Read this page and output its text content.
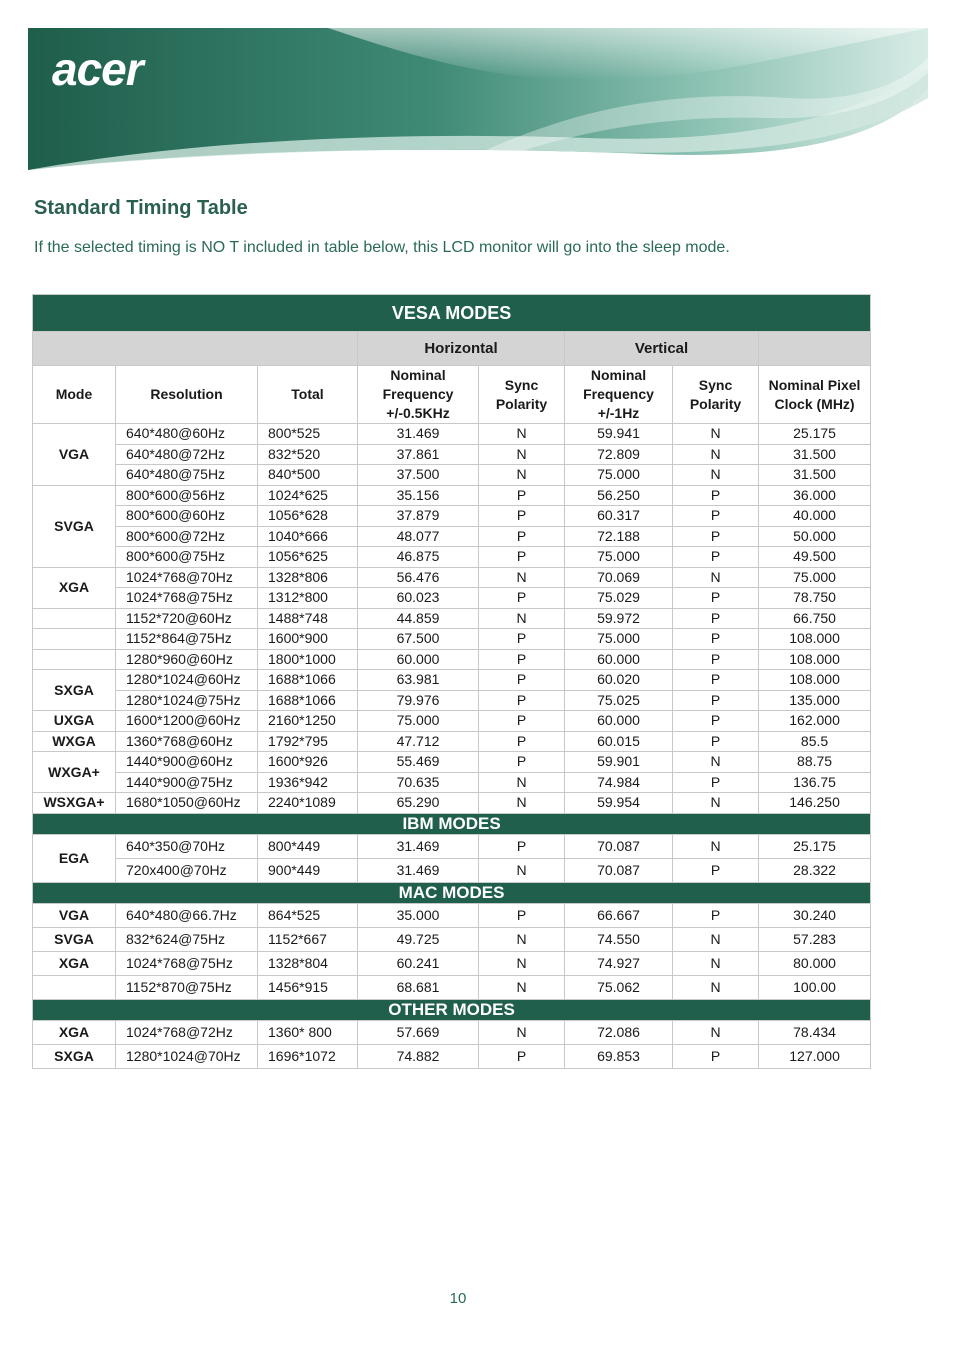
acer
Standard Timing Table

If the selected timing is NO T included in table below, this LCD monitor will go into the sleep mode.

VESA MODES							
			Horizontal		Vertical		
Mode	Resolution	Total	Nominal Frequency +/-0.5KHz	Sync Polarity	Nominal Frequency +/-1Hz	Sync Polarity	Nominal Pixel Clock (MHz)
VGA	640*480@60Hz	800*525	31.469	N	59.941	N	25.175
	640*480@72Hz	832*520	37.861	N	72.809	N	31.500
	640*480@75Hz	840*500	37.500	N	75.000	N	31.500
SVGA	800*600@56Hz	1024*625	35.156	P	56.250	P	36.000
	800*600@60Hz	1056*628	37.879	P	60.317	P	40.000
	800*600@72Hz	1040*666	48.077	P	72.188	P	50.000
	800*600@75Hz	1056*625	46.875	P	75.000	P	49.500
XGA	1024*768@70Hz	1328*806	56.476	N	70.069	N	75.000
	1024*768@75Hz	1312*800	60.023	P	75.029	P	78.750
	1152*720@60Hz	1488*748	44.859	N	59.972	P	66.750
	1152*864@75Hz	1600*900	67.500	P	75.000	P	108.000
	1280*960@60Hz	1800*1000	60.000	P	60.000	P	108.000
SXGA	1280*1024@60Hz	1688*1066	63.981	P	60.020	P	108.000
	1280*1024@75Hz	1688*1066	79.976	P	75.025	P	135.000
UXGA	1600*1200@60Hz	2160*1250	75.000	P	60.000	P	162.000
WXGA	1360*768@60Hz	1792*795	47.712	P	60.015	P	85.5
WXGA+	1440*900@60Hz	1600*926	55.469	P	59.901	N	88.75
	1440*900@75Hz	1936*942	70.635	N	74.984	P	136.75
WSXGA+	1680*1050@60Hz	2240*1089	65.290	N	59.954	N	146.250
IBM MODES							
EGA	640*350@70Hz	800*449	31.469	P	70.087	N	25.175
	720x400@70Hz	900*449	31.469	N	70.087	P	28.322
MAC MODES							
VGA	640*480@66.7Hz	864*525	35.000	P	66.667	P	30.240
SVGA	832*624@75Hz	1152*667	49.725	N	74.550	N	57.283
XGA	1024*768@75Hz	1328*804	60.241	N	74.927	N	80.000
	1152*870@75Hz	1456*915	68.681	N	75.062	N	100.00
OTHER MODES							
XGA	1024*768@72Hz	1360* 800	57.669	N	72.086	N	78.434
SXGA	1280*1024@70Hz	1696*1072	74.882	P	69.853	P	127.000
10
